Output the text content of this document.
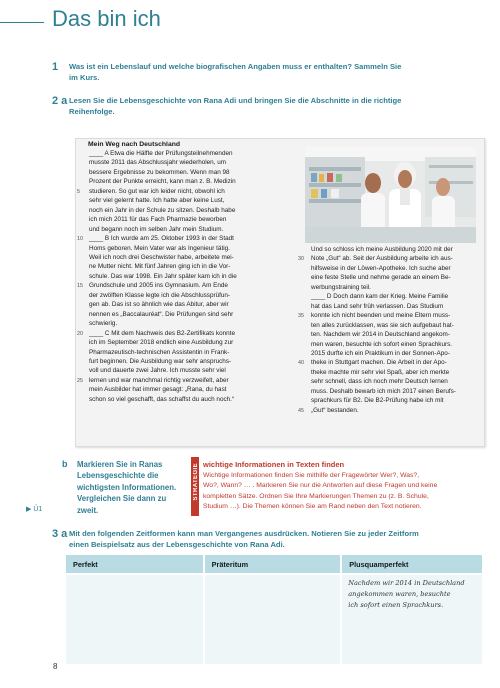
Das bin ich
1 Was ist ein Lebenslauf und welche biografischen Angaben muss er enthalten? Sammeln Sie
im Kurs.
2 a Lesen Sie die Lebensgeschichte von Rana Adi und bringen Sie die Abschnitte in die richtige
Reihenfolge.
Mein Weg nach Deutschland
____ A Etwa die Hälfte der Prüfungsteilnehmenden
musste 2011 das Abschlussjahr wiederholen, um
bessere Ergebnisse zu bekommen. Wenn man 98
Prozent der Punkte erreicht, kann man z. B. Medizin
studieren. So gut war ich leider nicht, obwohl ich
5
sehr viel gelernt hatte. Ich hatte aber keine Lust,
noch ein Jahr in der Schule zu sitzen. Deshalb habe
ich mich 2011 für das Fach Pharmazie beworben
und begann noch im selben Jahr mein Studium.
____ B Ich wurde am 25. Oktober 1993 in der Stadt
10
Homs geboren. Mein Vater war als Ingenieur tätig.
Weil ich noch drei Geschwister habe, arbeitete mei-
ne Mutter nicht. Mit fünf Jahren ging ich in die Vor-
schule. Das war 1998. Ein Jahr später kam ich in die
Grundschule und 2005 ins Gymnasium. Am Ende
15
der zwölften Klasse legte ich die Abschlussprüfun-
gen ab. Das ist so ähnlich wie das Abitur, aber wir
nennen es „Baccalauréat“. Die Prüfungen sind sehr
schwierig.
____ C Mit dem Nachweis des B2-Zertifikats konnte
20
ich im September 2018 endlich eine Ausbildung zur
Pharmazeutisch-technischen Assistentin in Frank-
furt beginnen. Die Ausbildung war sehr anspruchs-
voll und dauerte zwei Jahre. Ich musste sehr viel
lernen und war manchmal richtig verzweifelt, aber
25
mein Ausbilder hat immer gesagt: „Rana, du hast
schon so viel geschafft, das schaffst du auch noch.“
Und so schloss ich meine Ausbildung 2020 mit der
Note „Gut“ ab. Seit der Ausbildung arbeite ich aus-
30
hilfsweise in der Löwen-Apotheke. Ich suche aber
eine feste Stelle und nehme gerade an einem Be-
werbungstraining teil.
____ D Doch dann kam der Krieg. Meine Familie
hat das Land sehr früh verlassen. Das Studium
konnte ich nicht beenden und meine Eltern muss-
35
ten alles zurücklassen, was sie sich aufgebaut hat-
ten. Nachdem wir 2014 in Deutschland angekom-
men waren, besuchte ich sofort einen Sprachkurs.
2015 durfte ich ein Praktikum in der Sonnen-Apo-
theke in Stuttgart machen. Die Arbeit in der Apo-
40
theke machte mir sehr viel Spaß, aber ich merkte
sehr schnell, dass ich noch mehr Deutsch lernen
muss. Deshalb bewarb ich mich 2017 einen Berufs-
sprachkurs für B2. Die B2-Prüfung habe ich mit
„Gut“ bestanden.
45
b Markieren Sie in Ranas
Lebensgeschichte die
wichtigsten Informationen.
Vergleichen Sie dann zu
zweit.
▶ Ü1
STRATEGIE wichtige Informationen in Texten finden
Wichtige Informationen finden Sie mithilfe der Fragewörter Wer?, Was?,
Wo?, Wann? … . Markieren Sie nur die Antworten auf diese Fragen und keine
kompletten Sätze. Ordnen Sie Ihre Markierungen Themen zu (z. B. Schule,
Studium …). Die Themen können Sie am Rand neben den Text notieren.
3 a Mit den folgenden Zeitformen kann man Vergangenes ausdrücken. Notieren Sie zu jeder Zeitform
einen Beispielsatz aus der Lebensgeschichte von Rana Adi.
Perfekt	Präteritum	Plusquamperfekt

		Nachdem wir 2014 in Deutschland
angekommen waren, besuchte
ich sofort einen Sprachkurs.
8
